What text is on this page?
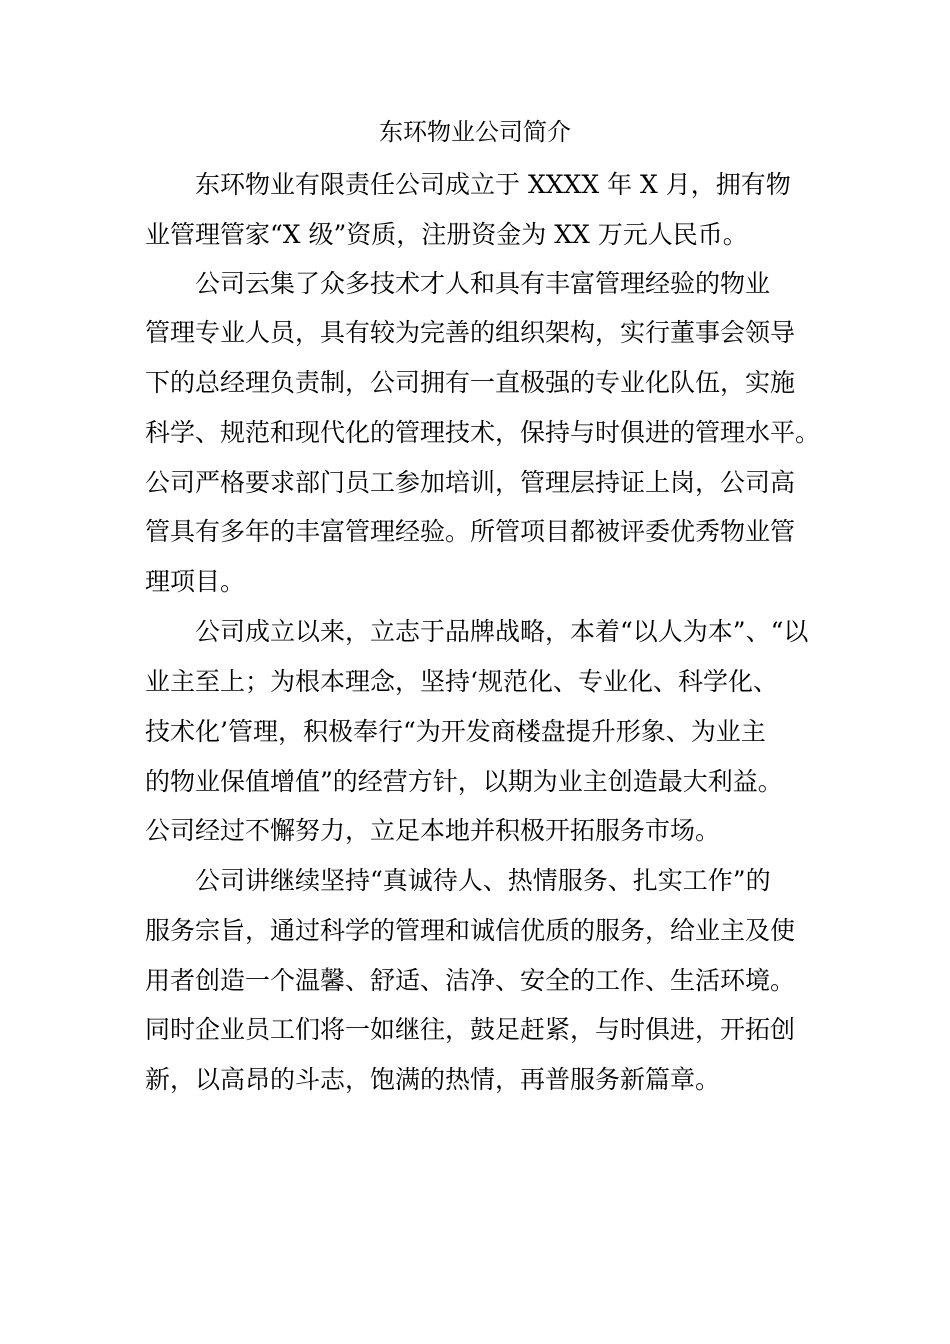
东环物业公司简介
东环物业有限责任公司成立于 XXXX 年 X 月，拥有物
业管理管家“X 级”资质，注册资金为 XX 万元人民币。
公司云集了众多技术才人和具有丰富管理经验的物业
管理专业人员，具有较为完善的组织架构，实行董事会领导
下的总经理负责制，公司拥有一直极强的专业化队伍，实施
科学、规范和现代化的管理技术，保持与时俱进的管理水平。
公司严格要求部门员工参加培训，管理层持证上岗，公司高
管具有多年的丰富管理经验。所管项目都被评委优秀物业管
理项目。
公司成立以来，立志于品牌战略，本着“以人为本”、“以
业主至上；为根本理念，坚持‘规范化、专业化、科学化、
技术化’管理，积极奉行“为开发商楼盘提升形象、为业主
的物业保值增值”的经营方针，以期为业主创造最大利益。
公司经过不懈努力，立足本地并积极开拓服务市场。
公司讲继续坚持“真诚待人、热情服务、扎实工作”的
服务宗旨，通过科学的管理和诚信优质的服务，给业主及使
用者创造一个温馨、舒适、洁净、安全的工作、生活环境。
同时企业员工们将一如继往，鼓足赶紧，与时俱进，开拓创
新，以高昂的斗志，饱满的热情，再普服务新篇章。
